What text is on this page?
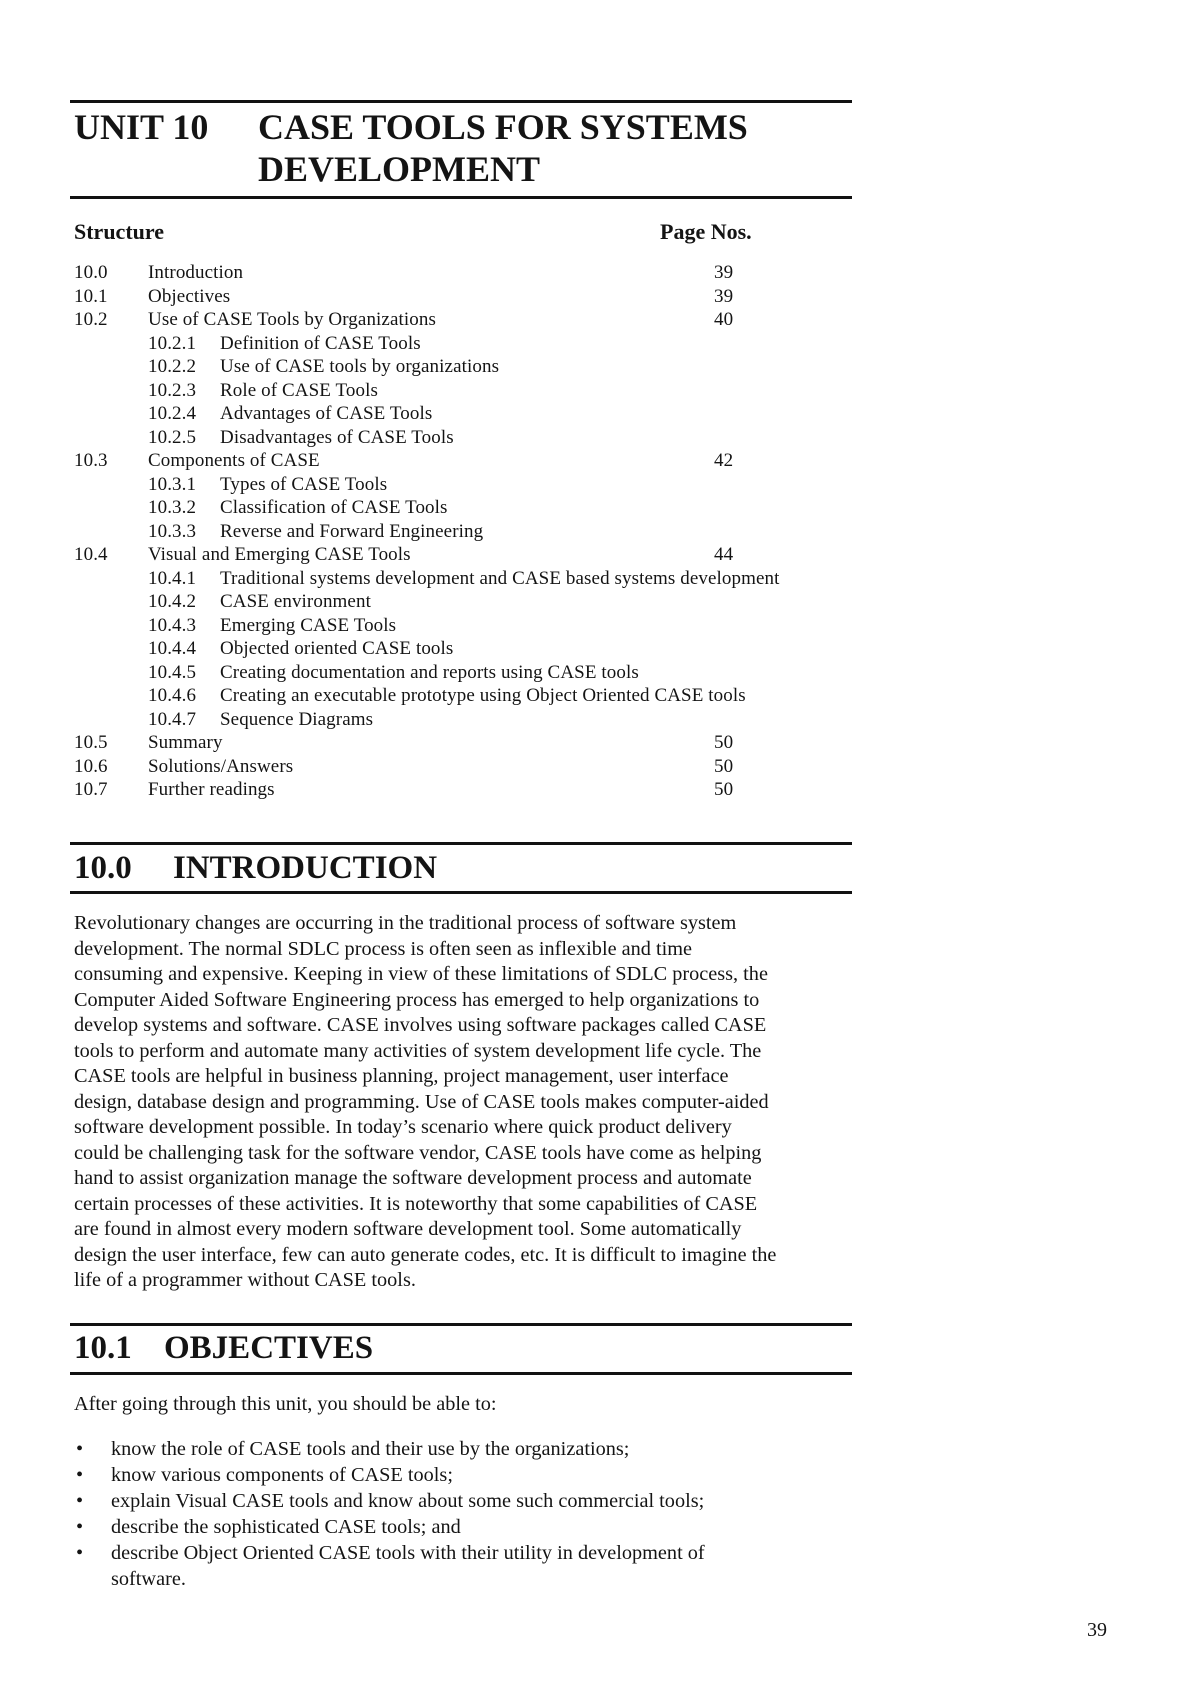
UNIT 10 CASE TOOLS FOR SYSTEMS
DEVELOPMENT
Structure	Page Nos.
10.0 Introduction	39
10.1 Objectives	39
10.2 Use of CASE Tools by Organizations	40
10.2.1 Definition of CASE Tools
10.2.2 Use of CASE tools by organizations
10.2.3 Role of CASE Tools
10.2.4 Advantages of CASE Tools
10.2.5 Disadvantages of CASE Tools
10.3 Components of CASE	42
10.3.1 Types of CASE Tools
10.3.2 Classification of CASE Tools
10.3.3 Reverse and Forward Engineering
10.4 Visual and Emerging CASE Tools	44
10.4.1 Traditional systems development and CASE based systems development
10.4.2 CASE environment
10.4.3 Emerging CASE Tools
10.4.4 Objected oriented CASE tools
10.4.5 Creating documentation and reports using CASE tools
10.4.6 Creating an executable prototype using Object Oriented CASE tools
10.4.7 Sequence Diagrams
10.5 Summary	50
10.6 Solutions/Answers	50
10.7 Further readings	50
10.0 INTRODUCTION
Revolutionary changes are occurring in the traditional process of software system
development. The normal SDLC process is often seen as inflexible and time
consuming and expensive. Keeping in view of these limitations of SDLC process, the
Computer Aided Software Engineering process has emerged to help organizations to
develop systems and software. CASE involves using software packages called CASE
tools to perform and automate many activities of system development life cycle. The
CASE tools are helpful in business planning, project management, user interface
design, database design and programming. Use of CASE tools makes computer-aided
software development possible. In today’s scenario where quick product delivery
could be challenging task for the software vendor, CASE tools have come as helping
hand to assist organization manage the software development process and automate
certain processes of these activities. It is noteworthy that some capabilities of CASE
are found in almost every modern software development tool. Some automatically
design the user interface, few can auto generate codes, etc. It is difficult to imagine the
life of a programmer without CASE tools.
10.1 OBJECTIVES
After going through this unit, you should be able to:
• know the role of CASE tools and their use by the organizations;
• know various components of CASE tools;
• explain Visual CASE tools and know about some such commercial tools;
• describe the sophisticated CASE tools; and
• describe Object Oriented CASE tools with their utility in development of
software.
39
